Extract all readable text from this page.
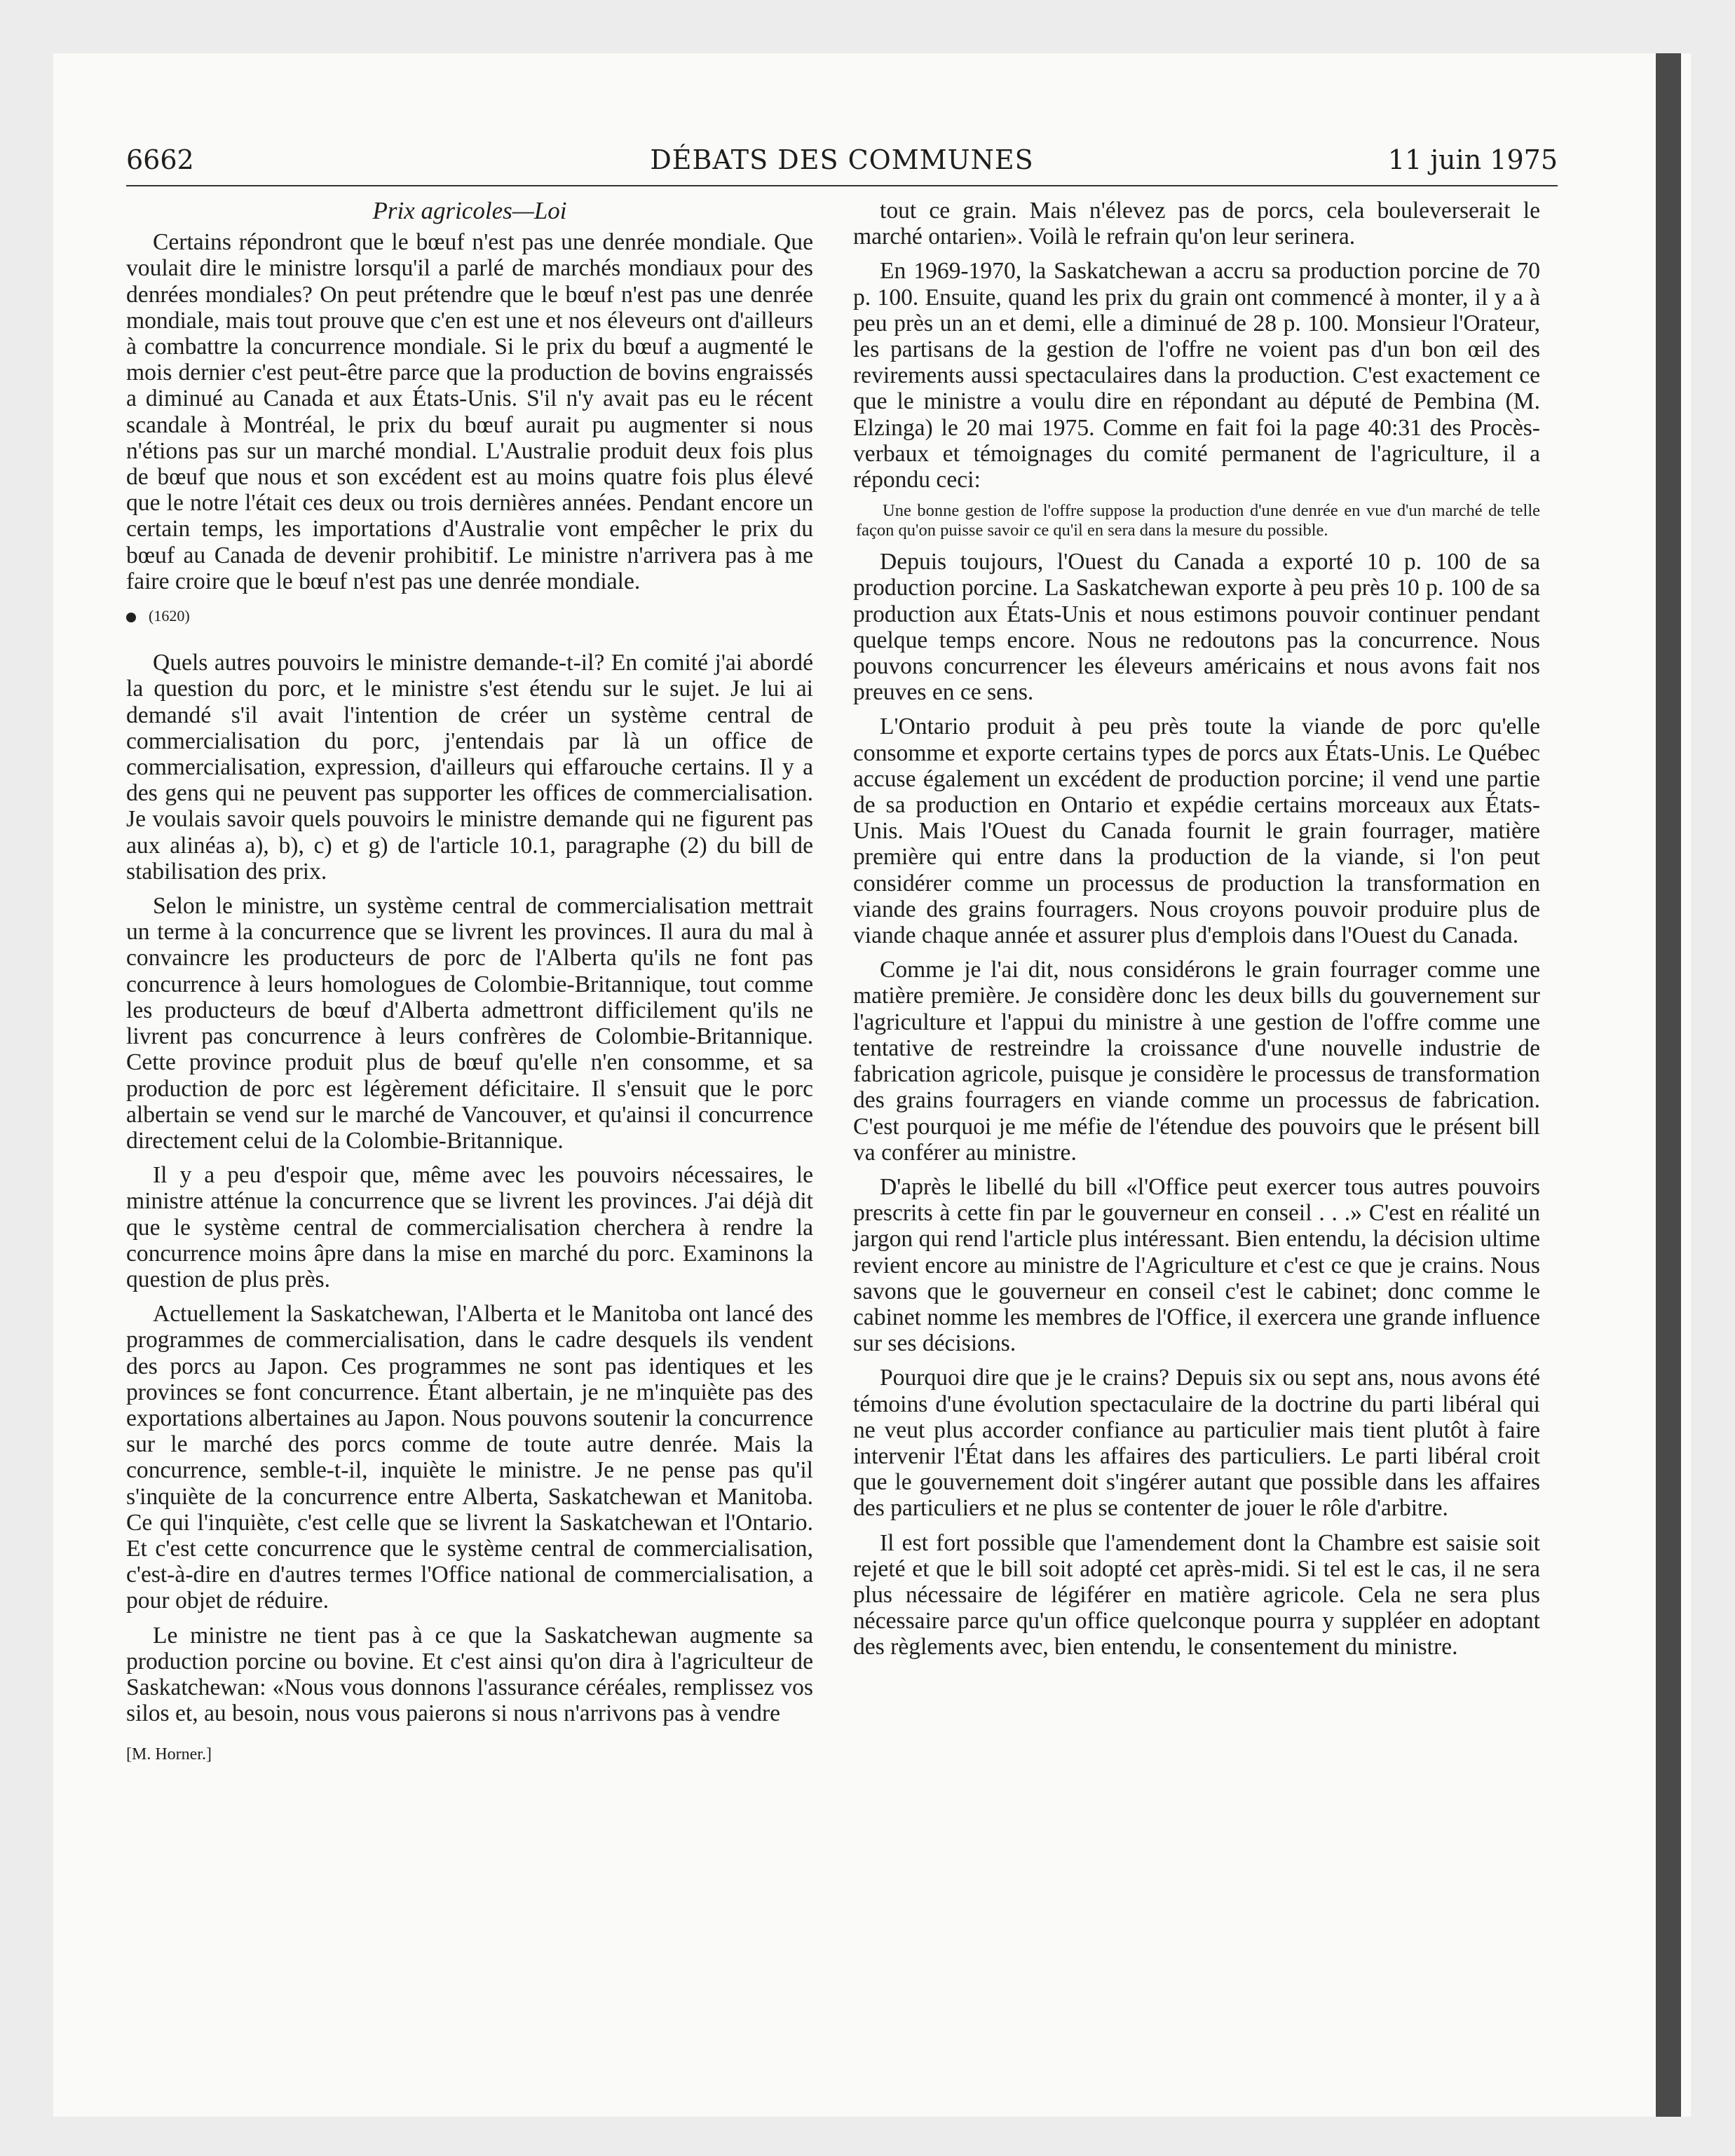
6662	DÉBATS DES COMMUNES	11 juin 1975
Prix agricoles—Loi

Certains répondront que le bœuf n'est pas une denrée mondiale. Que voulait dire le ministre lorsqu'il a parlé de marchés mondiaux pour des denrées mondiales? On peut prétendre que le bœuf n'est pas une denrée mondiale, mais tout prouve que c'en est une et nos éleveurs ont d'ailleurs à combattre la concurrence mondiale. Si le prix du bœuf a augmenté le mois dernier c'est peut-être parce que la production de bovins engraissés a diminué au Canada et aux États-Unis. S'il n'y avait pas eu le récent scandale à Montréal, le prix du bœuf aurait pu augmenter si nous n'étions pas sur un marché mondial. L'Australie produit deux fois plus de bœuf que nous et son excédent est au moins quatre fois plus élevé que le notre l'était ces deux ou trois dernières années. Pendant encore un certain temps, les importations d'Australie vont empêcher le prix du bœuf au Canada de devenir prohibitif. Le ministre n'arrivera pas à me faire croire que le bœuf n'est pas une denrée mondiale.

(1620)

Quels autres pouvoirs le ministre demande-t-il? En comité j'ai abordé la question du porc, et le ministre s'est étendu sur le sujet. Je lui ai demandé s'il avait l'intention de créer un système central de commercialisation du porc, j'entendais par là un office de commercialisation, expression, d'ailleurs qui effarouche certains. Il y a des gens qui ne peuvent pas supporter les offices de commercialisation. Je voulais savoir quels pouvoirs le ministre demande qui ne figurent pas aux alinéas a), b), c) et g) de l'article 10.1, paragraphe (2) du bill de stabilisation des prix.

Selon le ministre, un système central de commercialisation mettrait un terme à la concurrence que se livrent les provinces. Il aura du mal à convaincre les producteurs de porc de l'Alberta qu'ils ne font pas concurrence à leurs homologues de Colombie-Britannique, tout comme les producteurs de bœuf d'Alberta admettront difficilement qu'ils ne livrent pas concurrence à leurs confrères de Colombie-Britannique. Cette province produit plus de bœuf qu'elle n'en consomme, et sa production de porc est légèrement déficitaire. Il s'ensuit que le porc albertain se vend sur le marché de Vancouver, et qu'ainsi il concurrence directement celui de la Colombie-Britannique.

Il y a peu d'espoir que, même avec les pouvoirs nécessaires, le ministre atténue la concurrence que se livrent les provinces. J'ai déjà dit que le système central de commercialisation cherchera à rendre la concurrence moins âpre dans la mise en marché du porc. Examinons la question de plus près.

Actuellement la Saskatchewan, l'Alberta et le Manitoba ont lancé des programmes de commercialisation, dans le cadre desquels ils vendent des porcs au Japon. Ces programmes ne sont pas identiques et les provinces se font concurrence. Étant albertain, je ne m'inquiète pas des exportations albertaines au Japon. Nous pouvons soutenir la concurrence sur le marché des porcs comme de toute autre denrée. Mais la concurrence, semble-t-il, inquiète le ministre. Je ne pense pas qu'il s'inquiète de la concurrence entre Alberta, Saskatchewan et Manitoba. Ce qui l'inquiète, c'est celle que se livrent la Saskatchewan et l'Ontario. Et c'est cette concurrence que le système central de commercialisation, c'est-à-dire en d'autres termes l'Office national de commercialisation, a pour objet de réduire.

Le ministre ne tient pas à ce que la Saskatchewan augmente sa production porcine ou bovine. Et c'est ainsi qu'on dira à l'agriculteur de Saskatchewan: «Nous vous donnons l'assurance céréales, remplissez vos silos et, au besoin, nous vous paierons si nous n'arrivons pas à vendre

[M. Horner.]

tout ce grain. Mais n'élevez pas de porcs, cela bouleverserait le marché ontarien». Voilà le refrain qu'on leur serinera.

En 1969-1970, la Saskatchewan a accru sa production porcine de 70 p. 100. Ensuite, quand les prix du grain ont commencé à monter, il y a à peu près un an et demi, elle a diminué de 28 p. 100. Monsieur l'Orateur, les partisans de la gestion de l'offre ne voient pas d'un bon œil des revirements aussi spectaculaires dans la production. C'est exactement ce que le ministre a voulu dire en répondant au député de Pembina (M. Elzinga) le 20 mai 1975. Comme en fait foi la page 40:31 des Procès-verbaux et témoignages du comité permanent de l'agriculture, il a répondu ceci:

Une bonne gestion de l'offre suppose la production d'une denrée en vue d'un marché de telle façon qu'on puisse savoir ce qu'il en sera dans la mesure du possible.

Depuis toujours, l'Ouest du Canada a exporté 10 p. 100 de sa production porcine. La Saskatchewan exporte à peu près 10 p. 100 de sa production aux États-Unis et nous estimons pouvoir continuer pendant quelque temps encore. Nous ne redoutons pas la concurrence. Nous pouvons concurrencer les éleveurs américains et nous avons fait nos preuves en ce sens.

L'Ontario produit à peu près toute la viande de porc qu'elle consomme et exporte certains types de porcs aux États-Unis. Le Québec accuse également un excédent de production porcine; il vend une partie de sa production en Ontario et expédie certains morceaux aux États-Unis. Mais l'Ouest du Canada fournit le grain fourrager, matière première qui entre dans la production de la viande, si l'on peut considérer comme un processus de production la transformation en viande des grains fourragers. Nous croyons pouvoir produire plus de viande chaque année et assurer plus d'emplois dans l'Ouest du Canada.

Comme je l'ai dit, nous considérons le grain fourrager comme une matière première. Je considère donc les deux bills du gouvernement sur l'agriculture et l'appui du ministre à une gestion de l'offre comme une tentative de restreindre la croissance d'une nouvelle industrie de fabrication agricole, puisque je considère le processus de transformation des grains fourragers en viande comme un processus de fabrication. C'est pourquoi je me méfie de l'étendue des pouvoirs que le présent bill va conférer au ministre.

D'après le libellé du bill «l'Office peut exercer tous autres pouvoirs prescrits à cette fin par le gouverneur en conseil . . .» C'est en réalité un jargon qui rend l'article plus intéressant. Bien entendu, la décision ultime revient encore au ministre de l'Agriculture et c'est ce que je crains. Nous savons que le gouverneur en conseil c'est le cabinet; donc comme le cabinet nomme les membres de l'Office, il exercera une grande influence sur ses décisions.

Pourquoi dire que je le crains? Depuis six ou sept ans, nous avons été témoins d'une évolution spectaculaire de la doctrine du parti libéral qui ne veut plus accorder confiance au particulier mais tient plutôt à faire intervenir l'État dans les affaires des particuliers. Le parti libéral croit que le gouvernement doit s'ingérer autant que possible dans les affaires des particuliers et ne plus se contenter de jouer le rôle d'arbitre.

Il est fort possible que l'amendement dont la Chambre est saisie soit rejeté et que le bill soit adopté cet après-midi. Si tel est le cas, il ne sera plus nécessaire de légiférer en matière agricole. Cela ne sera plus nécessaire parce qu'un office quelconque pourra y suppléer en adoptant des règlements avec, bien entendu, le consentement du ministre.
